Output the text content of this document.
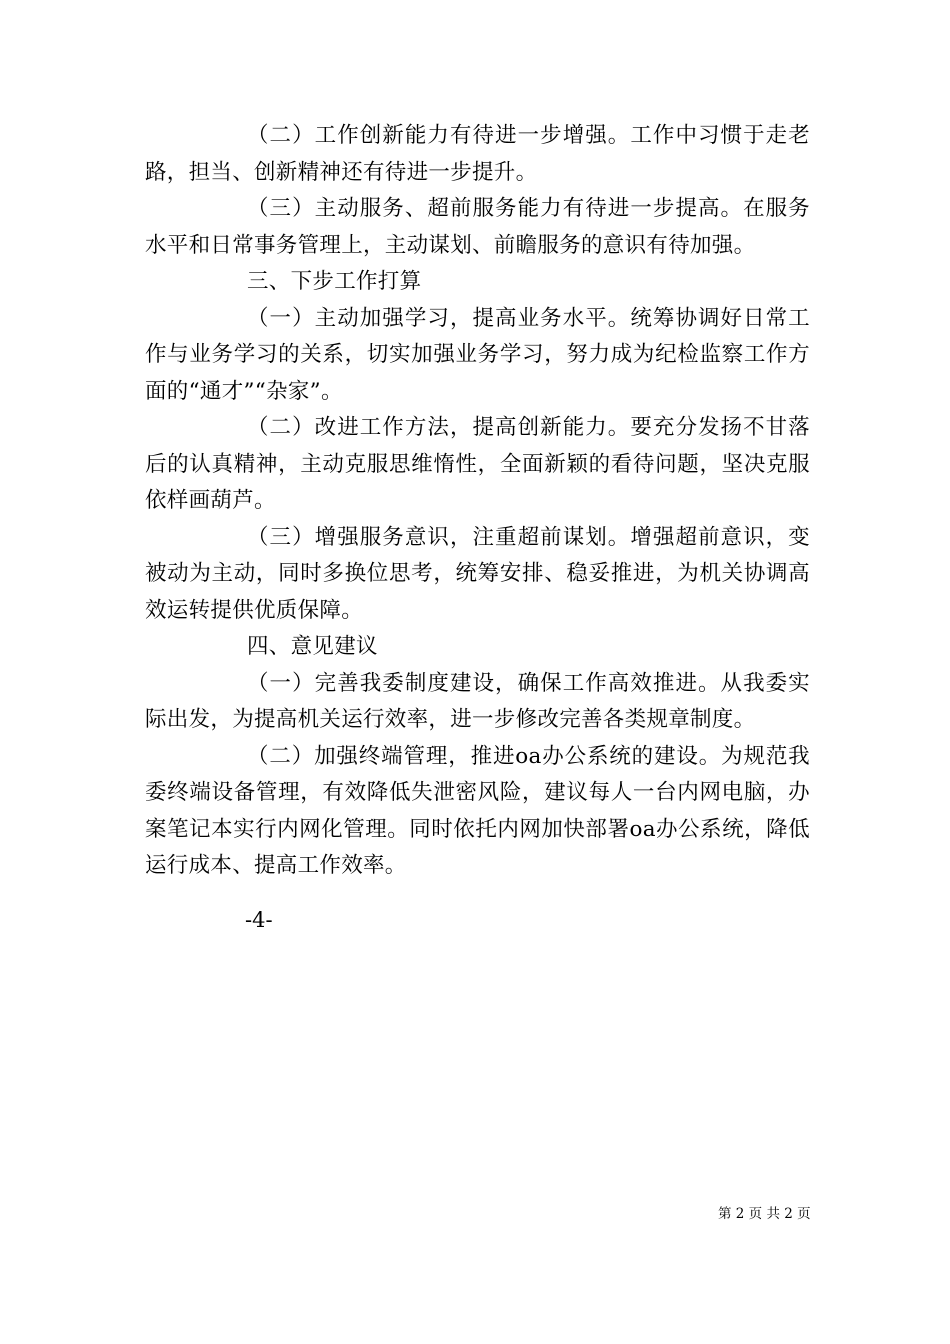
（二）工作创新能力有待进一步增强。工作中习惯于走老路，担当、创新精神还有待进一步提升。

（三）主动服务、超前服务能力有待进一步提高。在服务水平和日常事务管理上，主动谋划、前瞻服务的意识有待加强。

三、下步工作打算

（一）主动加强学习，提高业务水平。统筹协调好日常工作与业务学习的关系，切实加强业务学习，努力成为纪检监察工作方面的“通才”“杂家”。

（二）改进工作方法，提高创新能力。要充分发扬不甘落后的认真精神，主动克服思维惰性，全面新颖的看待问题，坚决克服依样画葫芦。

（三）增强服务意识，注重超前谋划。增强超前意识，变被动为主动，同时多换位思考，统筹安排、稳妥推进，为机关协调高效运转提供优质保障。

四、意见建议

（一）完善我委制度建设，确保工作高效推进。从我委实际出发，为提高机关运行效率，进一步修改完善各类规章制度。

（二）加强终端管理，推进oa办公系统的建设。为规范我委终端设备管理，有效降低失泄密风险，建议每人一台内网电脑，办案笔记本实行内网化管理。同时依托内网加快部署oa办公系统，降低运行成本、提高工作效率。

-4-
第 2 页 共 2 页
